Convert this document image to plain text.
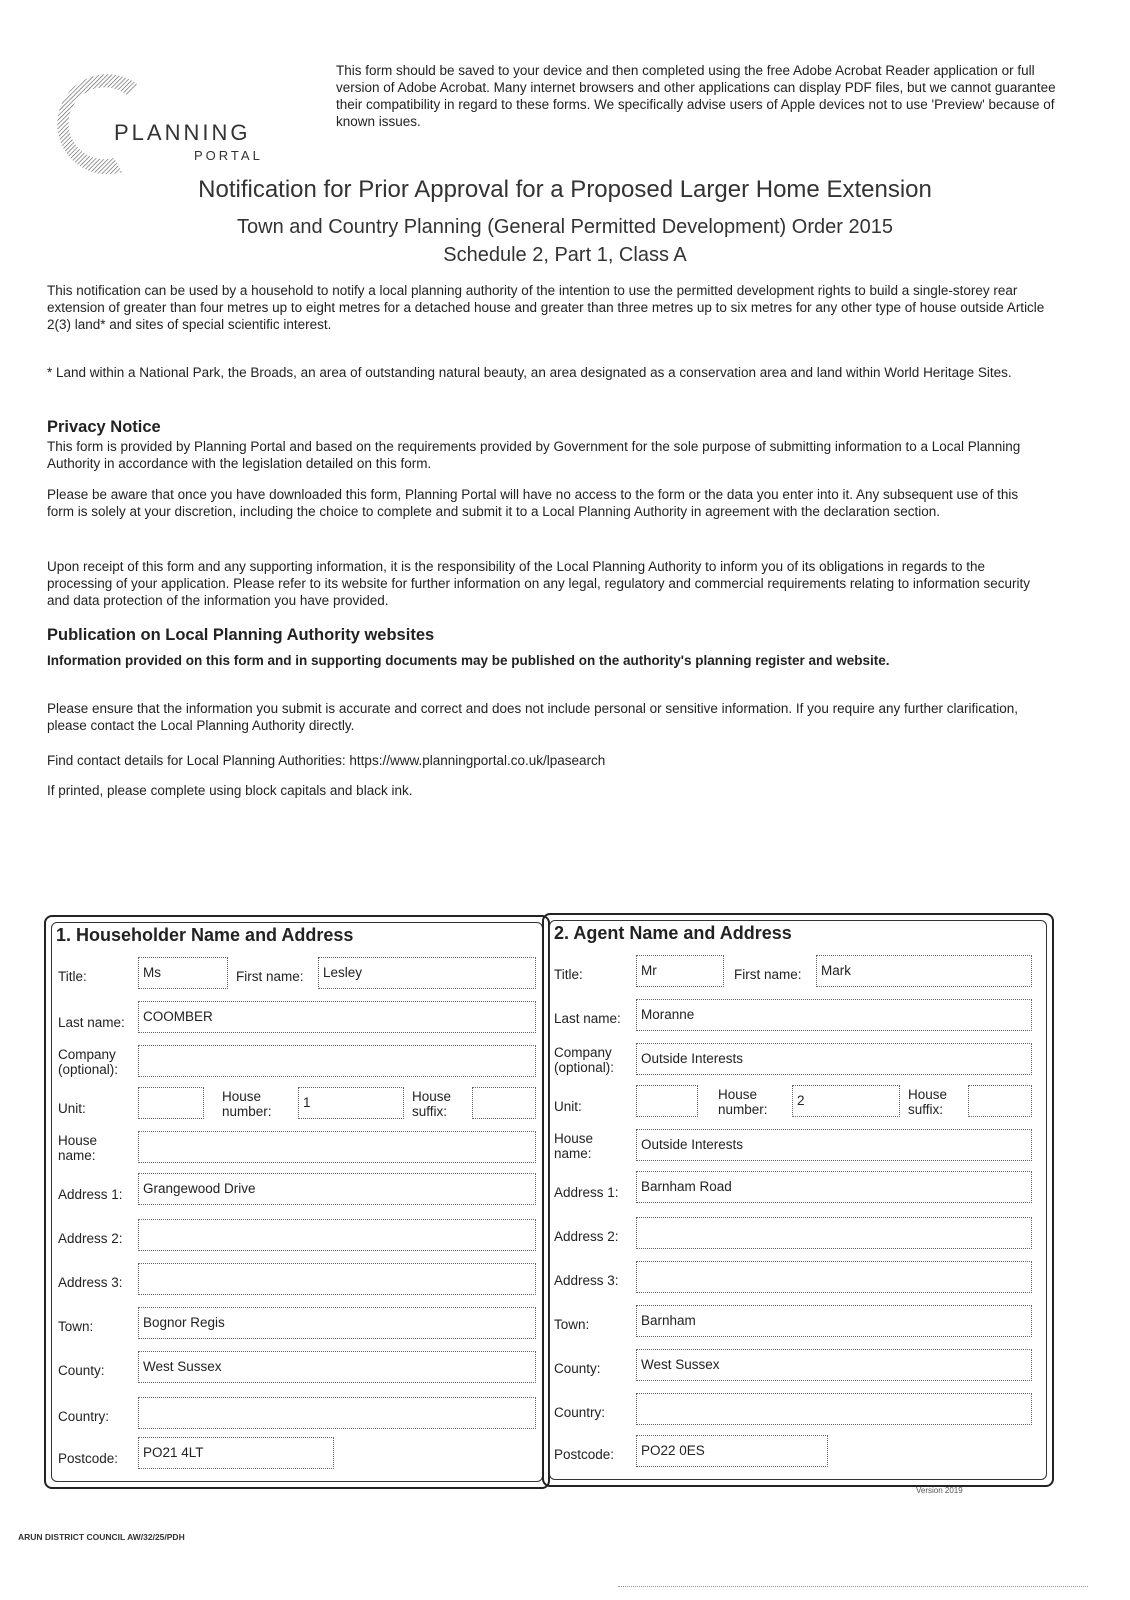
PLANNING
PORTAL

This form should be saved to your device and then completed using the free Adobe Acrobat Reader application or full version of Adobe Acrobat. Many internet browsers and other applications can display PDF files, but we cannot guarantee their compatibility in regard to these forms. We specifically advise users of Apple devices not to use 'Preview' because of known issues.

Notification for Prior Approval for a Proposed Larger Home Extension
Town and Country Planning (General Permitted Development) Order 2015
Schedule 2, Part 1, Class A

This notification can be used by a household to notify a local planning authority of the intention to use the permitted development rights to build a single-storey rear extension of greater than four metres up to eight metres for a detached house and greater than three metres up to six metres for any other type of house outside Article 2(3) land* and sites of special scientific interest.

* Land within a National Park, the Broads, an area of outstanding natural beauty, an area designated as a conservation area and land within World Heritage Sites.

Privacy Notice

This form is provided by Planning Portal and based on the requirements provided by Government for the sole purpose of submitting information to a Local Planning Authority in accordance with the legislation detailed on this form.

Please be aware that once you have downloaded this form, Planning Portal will have no access to the form or the data you enter into it. Any subsequent use of this form is solely at your discretion, including the choice to complete and submit it to a Local Planning Authority in agreement with the declaration section.

Upon receipt of this form and any supporting information, it is the responsibility of the Local Planning Authority to inform you of its obligations in regards to the processing of your application. Please refer to its website for further information on any legal, regulatory and commercial requirements relating to information security and data protection of the information you have provided.

Publication on Local Planning Authority websites

Information provided on this form and in supporting documents may be published on the authority's planning register and website.

Please ensure that the information you submit is accurate and correct and does not include personal or sensitive information. If you require any further clarification, please contact the Local Planning Authority directly.

Find contact details for Local Planning Authorities: https://www.planningportal.co.uk/lpasearch

If printed, please complete using block capitals and black ink.

1. Householder Name and Address
Title:	Ms	First name:	Lesley
Last name:	COOMBER
Company (optional):
Unit:
House number:
1	House suffix:
House name:
Address 1:	Grangewood Drive
Address 2:
Address 3:
Town:	Bognor Regis
County:	West Sussex
Country:
Postcode:	PO21 4LT
2. Agent Name and Address
Title:	Mr	First name:	Mark
Last name:	Moranne
Company (optional):
Outside Interests
Unit:
House number:
2	House suffix:
House name:
Outside Interests
Address 1:	Barnham Road
Address 2:
Address 3:
Town:	Barnham
County:	West Sussex
Country:
Postcode:	PO22 0ES
Version 2019
ARUN DISTRICT COUNCIL AW/32/25/PDH
